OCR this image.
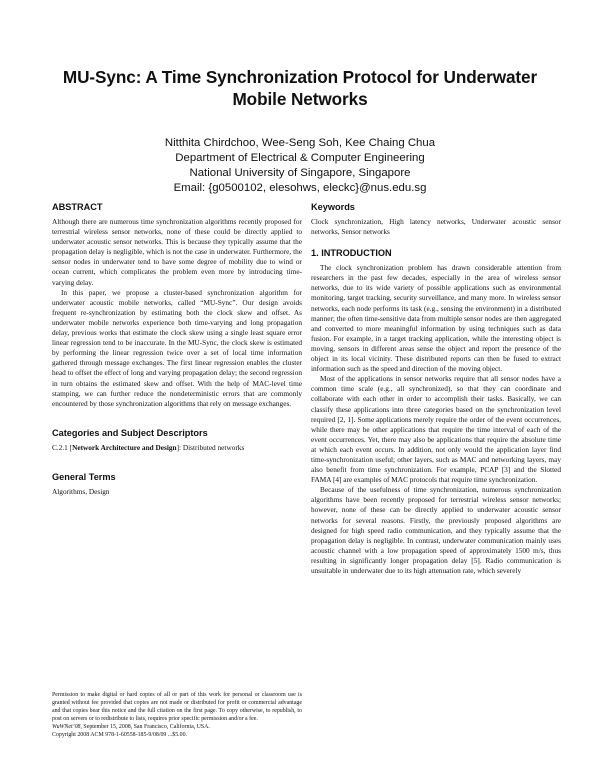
MU-Sync: A Time Synchronization Protocol for Underwater Mobile Networks
Nitthita Chirdchoo, Wee-Seng Soh, Kee Chaing Chua
Department of Electrical & Computer Engineering
National University of Singapore, Singapore
Email: {g0500102, elesohws, eleckc}@nus.edu.sg
ABSTRACT

Although there are numerous time synchronization algorithms recently proposed for terrestrial wireless sensor networks, none of these could be directly applied to underwater acoustic sensor networks. This is because they typically assume that the propagation delay is negligible, which is not the case in underwater. Furthermore, the sensor nodes in underwater tend to have some degree of mobility due to wind or ocean current, which complicates the problem even more by introducing time-varying delay.

In this paper, we propose a cluster-based synchronization algorithm for underwater acoustic mobile networks, called “MU-Sync”. Our design avoids frequent re-synchronization by estimating both the clock skew and offset. As underwater mobile networks experience both time-varying and long propagation delay, previous works that estimate the clock skew using a single least square error linear regression tend to be inaccurate. In the MU-Sync, the clock skew is estimated by performing the linear regression twice over a set of local time information gathered through message exchanges. The first linear regression enables the cluster head to offset the effect of long and varying propagation delay; the second regression in turn obtains the estimated skew and offset. With the help of MAC-level time stamping, we can further reduce the nondeterministic errors that are commonly encountered by those synchronization algorithms that rely on message exchanges.

Categories and Subject Descriptors

C.2.1 [Network Architecture and Design]: Distributed networks

General Terms

Algorithms, Design

Permission to make digital or hard copies of all or part of this work for personal or classroom use is granted without fee provided that copies are not made or distributed for profit or commercial advantage and that copies bear this notice and the full citation on the first page. To copy otherwise, to republish, to post on servers or to redistribute to lists, requires prior specific permission and/or a fee.
WuWNet’08, September 15, 2008, San Francisco, California, USA.
Copyright 2008 ACM 978-1-60558-185-9/08/09 ...$5.00.
Keywords

Clock synchronization, High latency networks, Underwater acoustic sensor networks, Sensor networks

1. INTRODUCTION

The clock synchronization problem has drawn considerable attention from researchers in the past few decades, especially in the area of wireless sensor networks, due to its wide variety of possible applications such as environmental monitoring, target tracking, security surveillance, and many more. In wireless sensor networks, each node performs its task (e.g., sensing the environment) in a distributed manner; the often time-sensitive data from multiple sensor nodes are then aggregated and converted to more meaningful information by using techniques such as data fusion. For example, in a target tracking application, while the interesting object is moving, sensors in different areas sense the object and report the presence of the object in its local vicinity. These distributed reports can then be fused to extract information such as the speed and direction of the moving object.

Most of the applications in sensor networks require that all sensor nodes have a common time scale (e.g., all synchronized), so that they can coordinate and collaborate with each other in order to accomplish their tasks. Basically, we can classify these applications into three categories based on the synchronization level required [2, 1]. Some applications merely require the order of the event occurrences, while there may be other applications that require the time interval of each of the event occurrences. Yet, there may also be applications that require the absolute time at which each event occurs. In addition, not only would the application layer find time-synchronization useful; other layers, such as MAC and networking layers, may also benefit from time synchronization. For example, PCAP [3] and the Slotted FAMA [4] are examples of MAC protocols that require time synchronization.

Because of the usefulness of time synchronization, numerous synchronization algorithms have been recently proposed for terrestrial wireless sensor networks; however, none of these can be directly applied to underwater acoustic sensor networks for several reasons. Firstly, the previously proposed algorithms are designed for high speed radio communication, and they typically assume that the propagation delay is negligible. In contrast, underwater communication mainly uses acoustic channel with a low propagation speed of approximately 1500 m/s, thus resulting in significantly longer propagation delay [5]. Radio communication is unsuitable in underwater due to its high attenuation rate, which severely
